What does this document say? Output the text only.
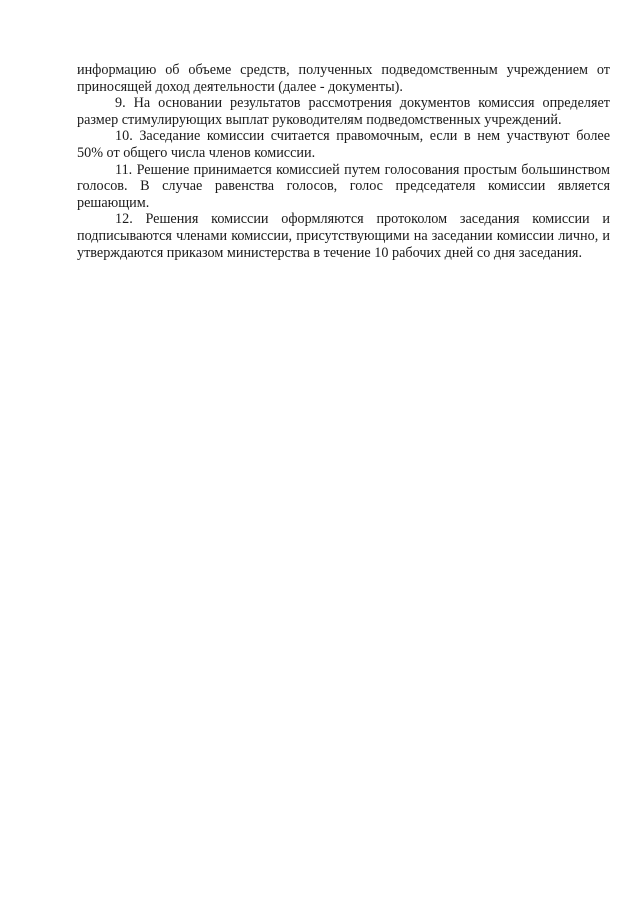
информацию об объеме средств, полученных подведомственным учреждением от приносящей доход деятельности (далее - документы).

9. На основании результатов рассмотрения документов комиссия определяет размер стимулирующих выплат руководителям подведомственных учреждений.

10. Заседание комиссии считается правомочным, если в нем участвуют более 50% от общего числа членов комиссии.

11. Решение принимается комиссией путем голосования простым большинством голосов. В случае равенства голосов, голос председателя комиссии является решающим.

12. Решения комиссии оформляются протоколом заседания комиссии и подписываются членами комиссии, присутствующими на заседании комиссии лично, и утверждаются приказом министерства в течение 10 рабочих дней со дня заседания.
